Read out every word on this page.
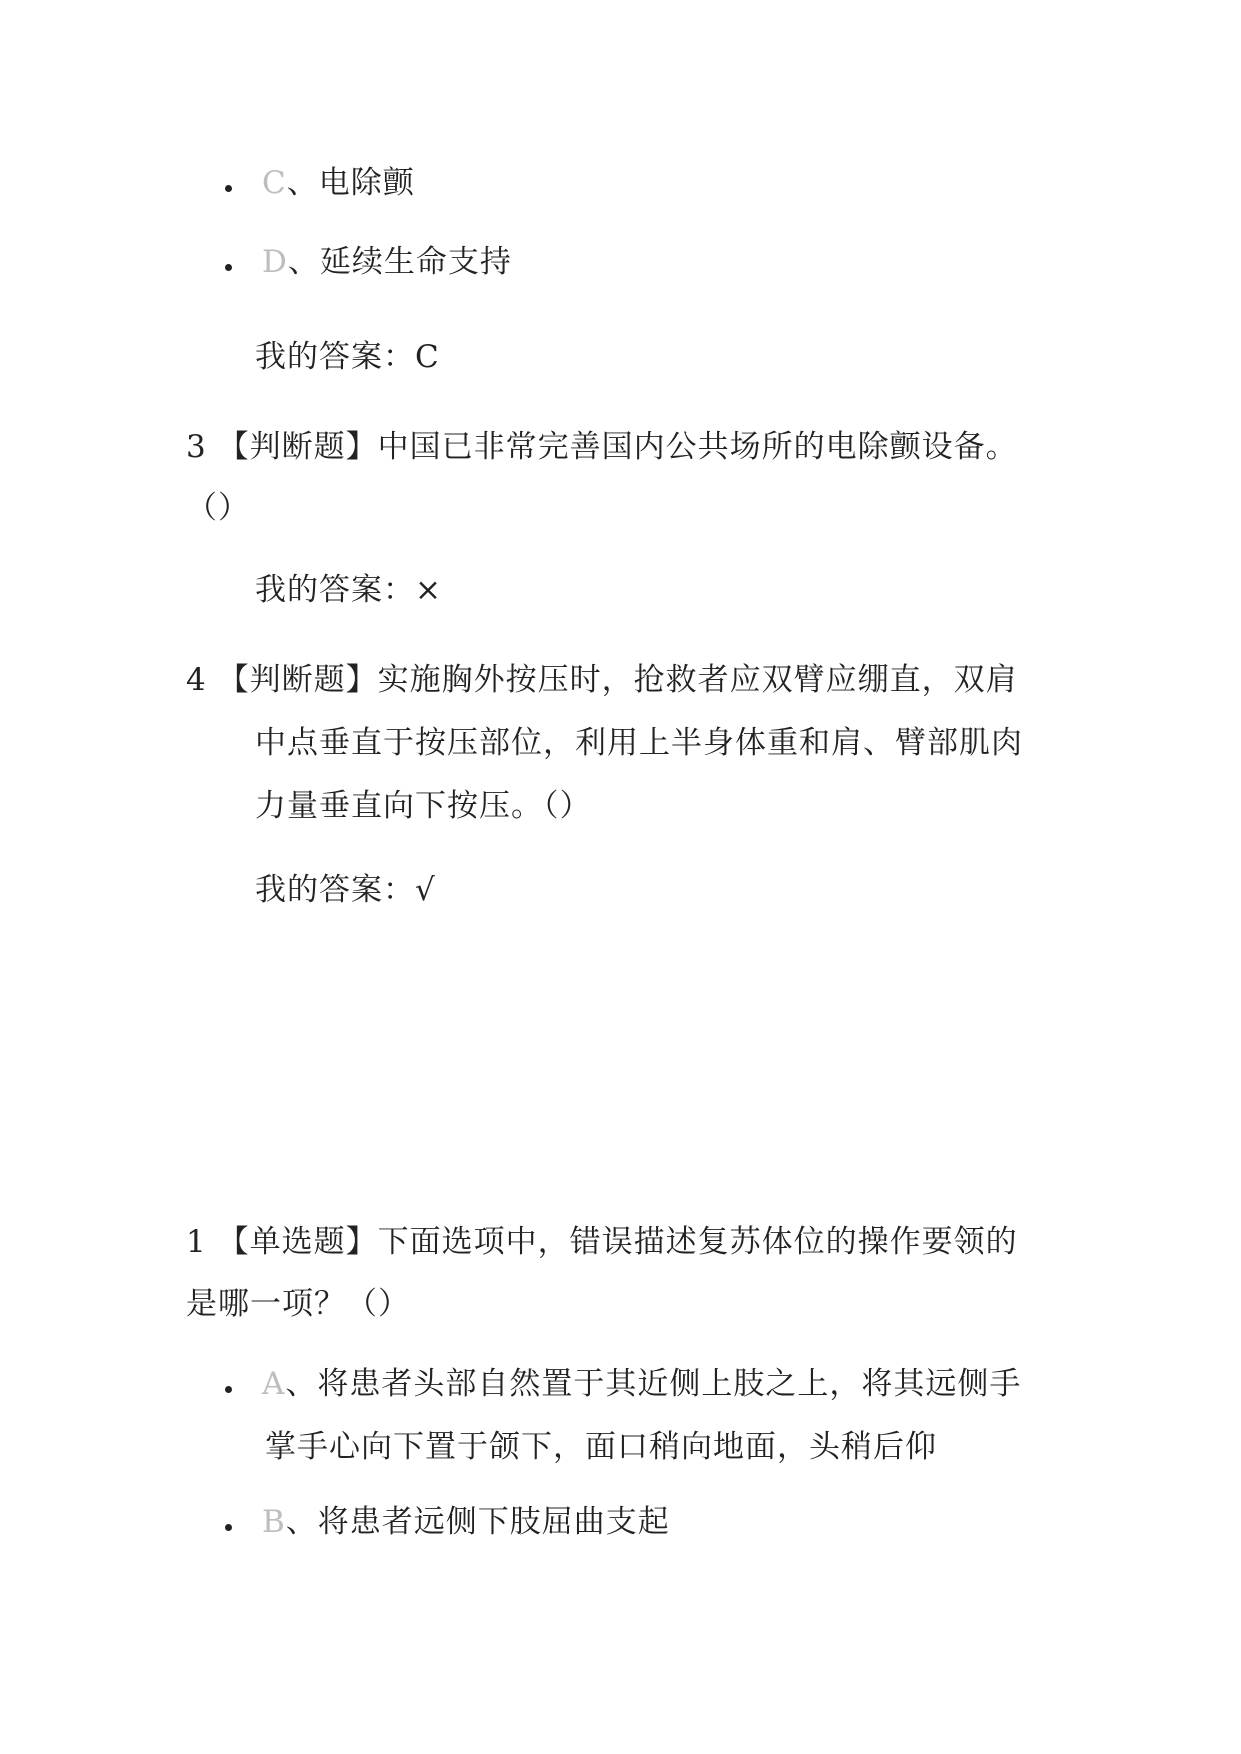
C、电除颤
D、延续生命支持
我的答案：C
3 【判断题】中国已非常完善国内公共场所的电除颤设备。
（）
我的答案：×
4 【判断题】实施胸外按压时，抢救者应双臂应绷直，双肩
中点垂直于按压部位，利用上半身体重和肩、臂部肌肉
力量垂直向下按压。（）
我的答案：√
1 【单选题】下面选项中，错误描述复苏体位的操作要领的
是哪一项？（）
A、将患者头部自然置于其近侧上肢之上，将其远侧手
掌手心向下置于颌下，面口稍向地面，头稍后仰
B、将患者远侧下肢屈曲支起
